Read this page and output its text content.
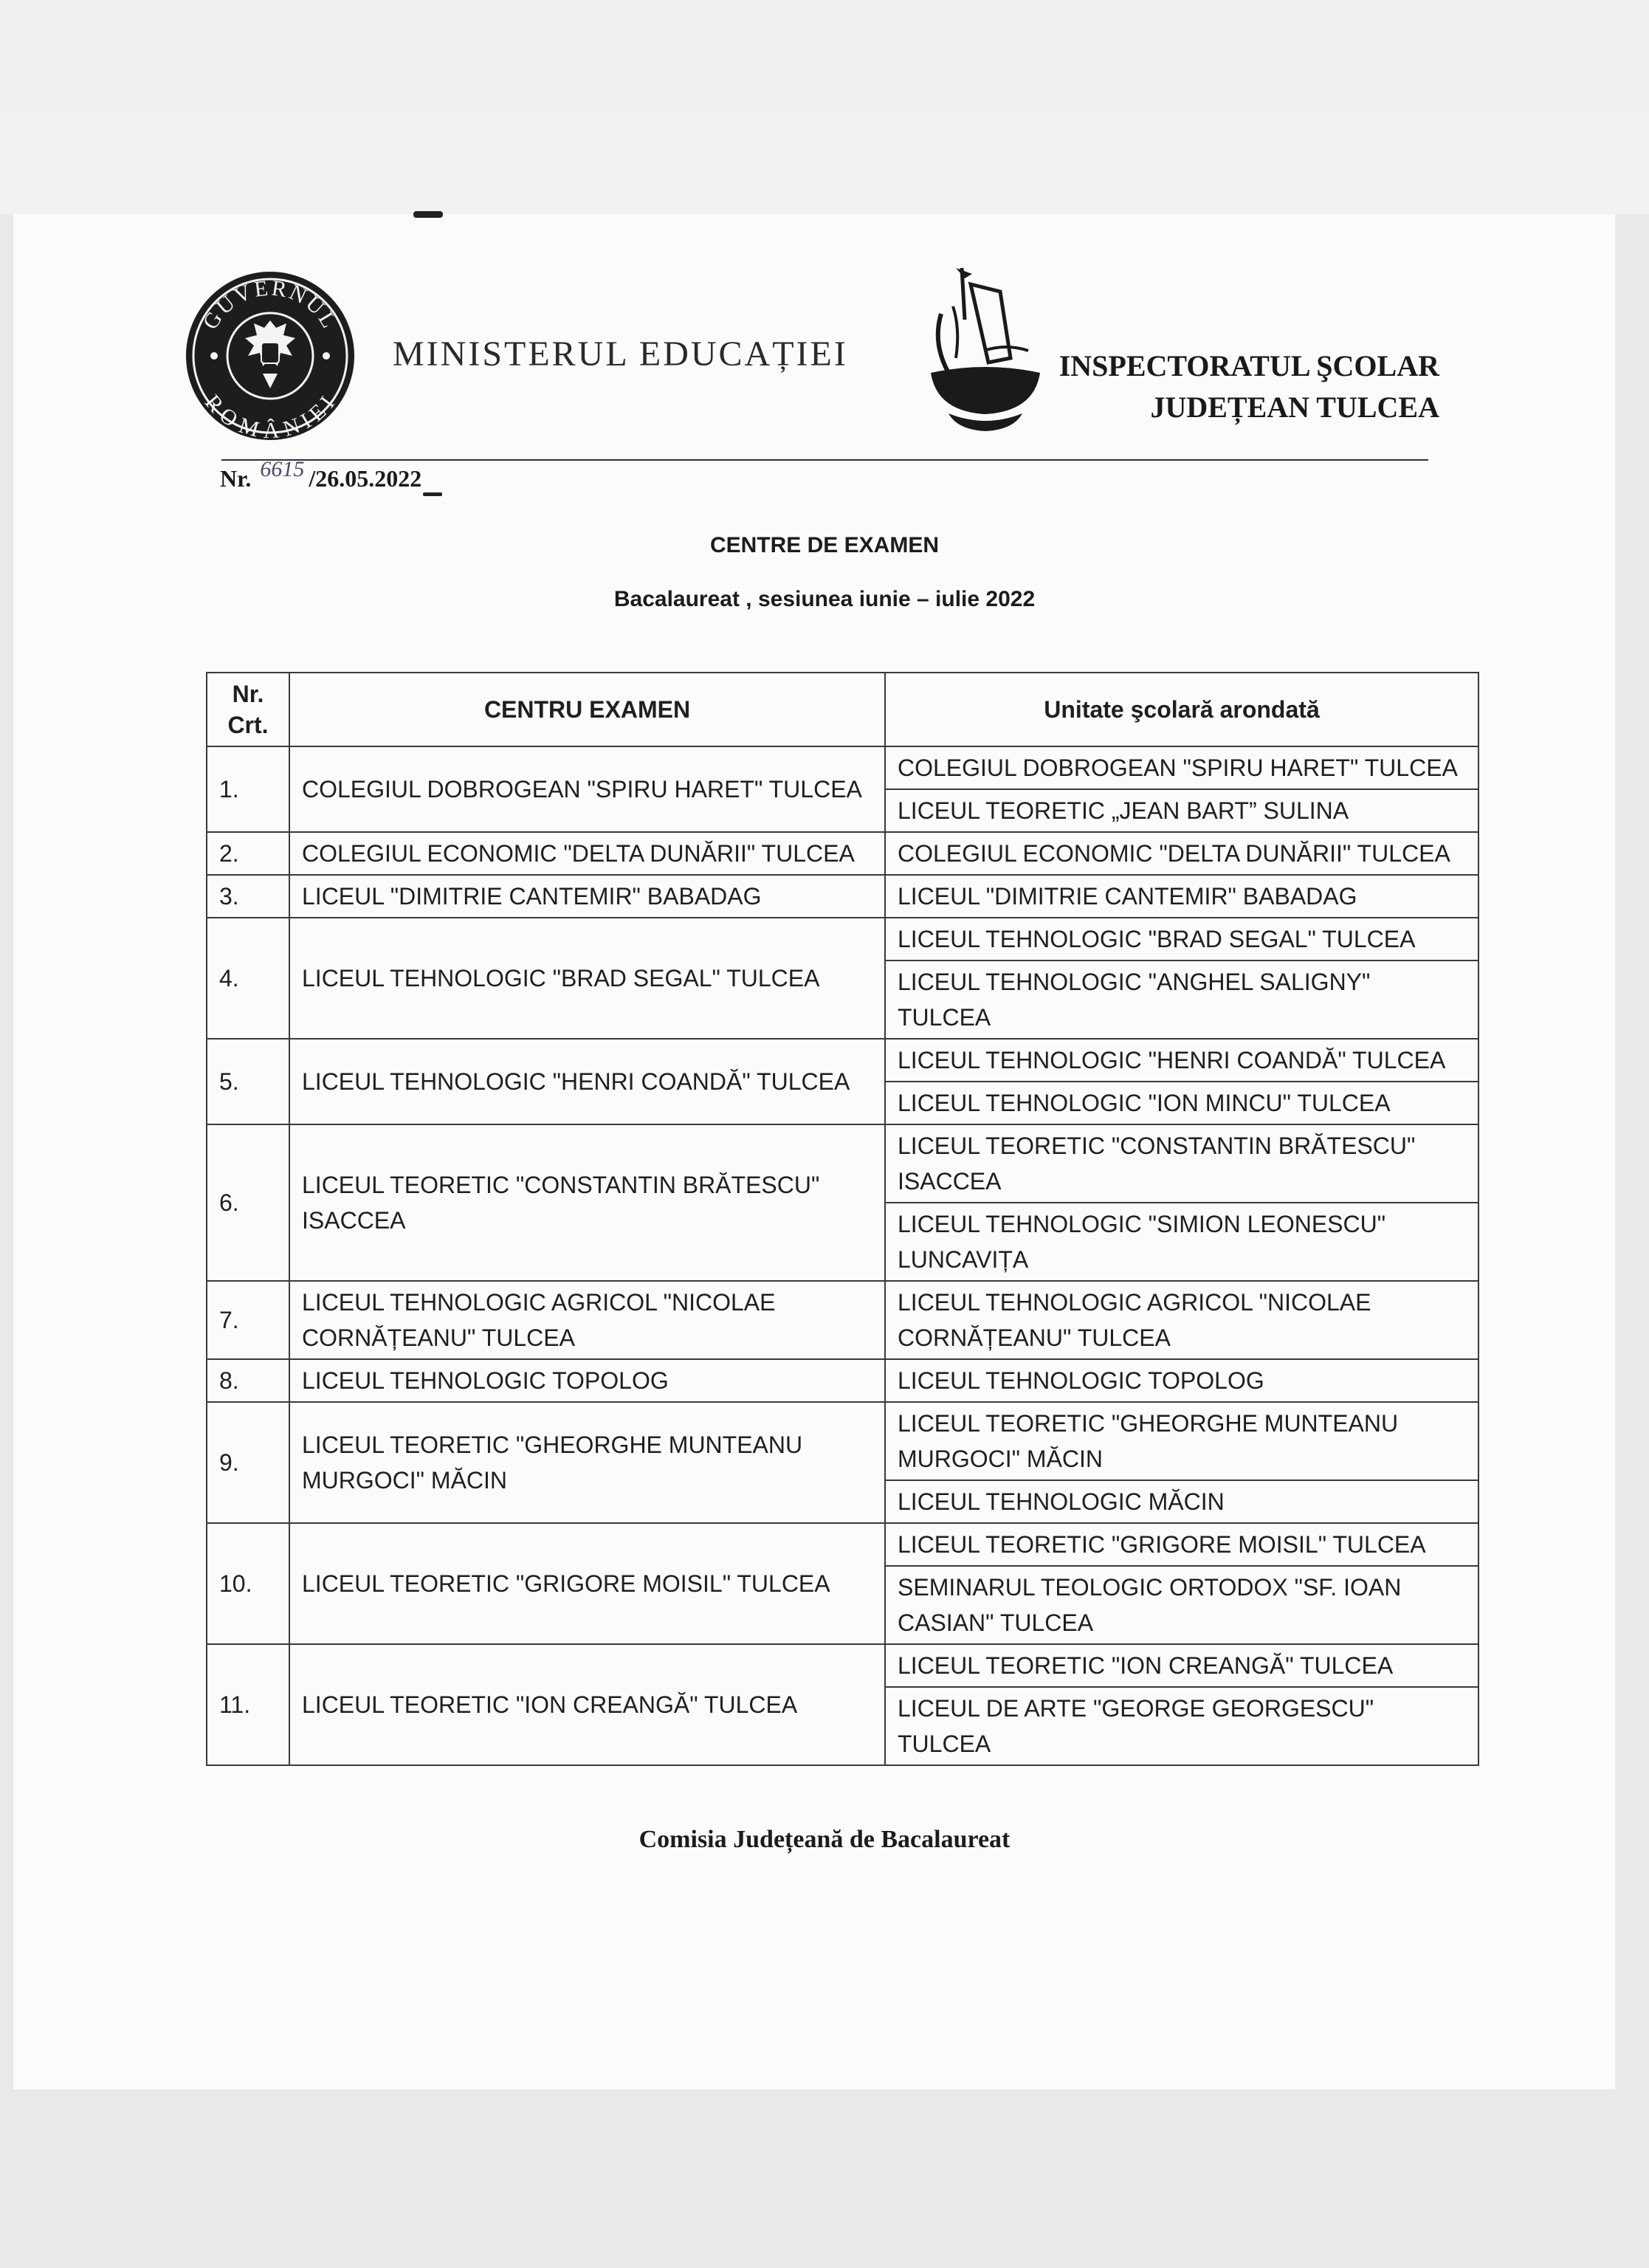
GUVERNUL
ROMÂNIEI
MINISTERUL EDUCAȚIEI	INSPECTORATUL ŞCOLAR
JUDEȚEAN TULCEA
Nr. 6615 /26.05.2022
CENTRE DE EXAMEN
Bacalaureat , sesiunea iunie – iulie 2022
Nr. Crt.	CENTRU EXAMEN	Unitate şcolară arondată
1.	COLEGIUL DOBROGEAN "SPIRU HARET" TULCEA	COLEGIUL DOBROGEAN "SPIRU HARET" TULCEA
		LICEUL TEORETIC „JEAN BART” SULINA
2.	COLEGIUL ECONOMIC "DELTA DUNĂRII" TULCEA	COLEGIUL ECONOMIC "DELTA DUNĂRII" TULCEA
3.	LICEUL "DIMITRIE CANTEMIR" BABADAG	LICEUL "DIMITRIE CANTEMIR" BABADAG
4.	LICEUL TEHNOLOGIC "BRAD SEGAL" TULCEA	LICEUL TEHNOLOGIC "BRAD SEGAL" TULCEA
		LICEUL TEHNOLOGIC "ANGHEL SALIGNY" TULCEA
5.	LICEUL TEHNOLOGIC "HENRI COANDĂ" TULCEA	LICEUL TEHNOLOGIC "HENRI COANDĂ" TULCEA
		LICEUL TEHNOLOGIC "ION MINCU" TULCEA
6.	LICEUL TEORETIC "CONSTANTIN BRĂTESCU" ISACCEA	LICEUL TEORETIC "CONSTANTIN BRĂTESCU" ISACCEA
		LICEUL TEHNOLOGIC "SIMION LEONESCU" LUNCAVIȚA
7.	LICEUL TEHNOLOGIC AGRICOL "NICOLAE CORNĂȚEANU" TULCEA	LICEUL TEHNOLOGIC AGRICOL "NICOLAE CORNĂȚEANU" TULCEA
8.	LICEUL TEHNOLOGIC TOPOLOG	LICEUL TEHNOLOGIC TOPOLOG
9.	LICEUL TEORETIC "GHEORGHE MUNTEANU MURGOCI" MĂCIN	LICEUL TEORETIC "GHEORGHE MUNTEANU MURGOCI" MĂCIN
		LICEUL TEHNOLOGIC MĂCIN
10.	LICEUL TEORETIC "GRIGORE MOISIL" TULCEA	LICEUL TEORETIC "GRIGORE MOISIL" TULCEA
		SEMINARUL TEOLOGIC ORTODOX "SF. IOAN CASIAN" TULCEA
11.	LICEUL TEORETIC "ION CREANGĂ" TULCEA	LICEUL TEORETIC "ION CREANGĂ" TULCEA
		LICEUL DE ARTE "GEORGE GEORGESCU" TULCEA
Comisia Județeană de Bacalaureat
